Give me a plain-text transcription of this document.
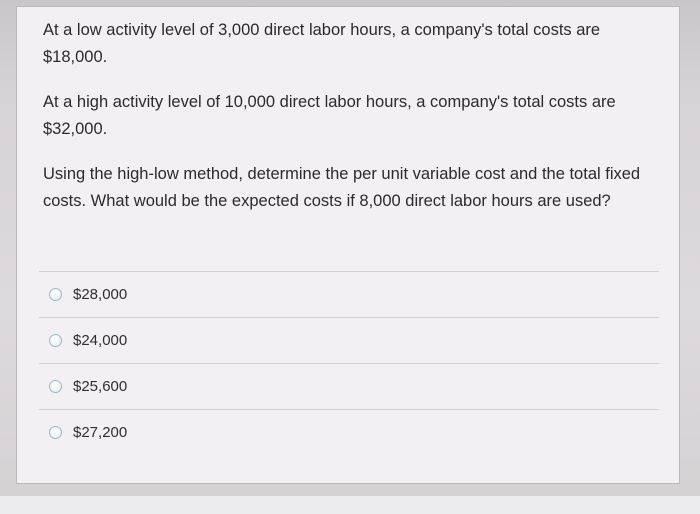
At a low activity level of 3,000 direct labor hours, a company's total costs are $18,000.

At a high activity level of 10,000 direct labor hours, a company's total costs are $32,000.

Using the high-low method, determine the per unit variable cost and the total fixed costs. What would be the expected costs if 8,000 direct labor hours are used?

$28,000
$24,000
$25,600
$27,200
